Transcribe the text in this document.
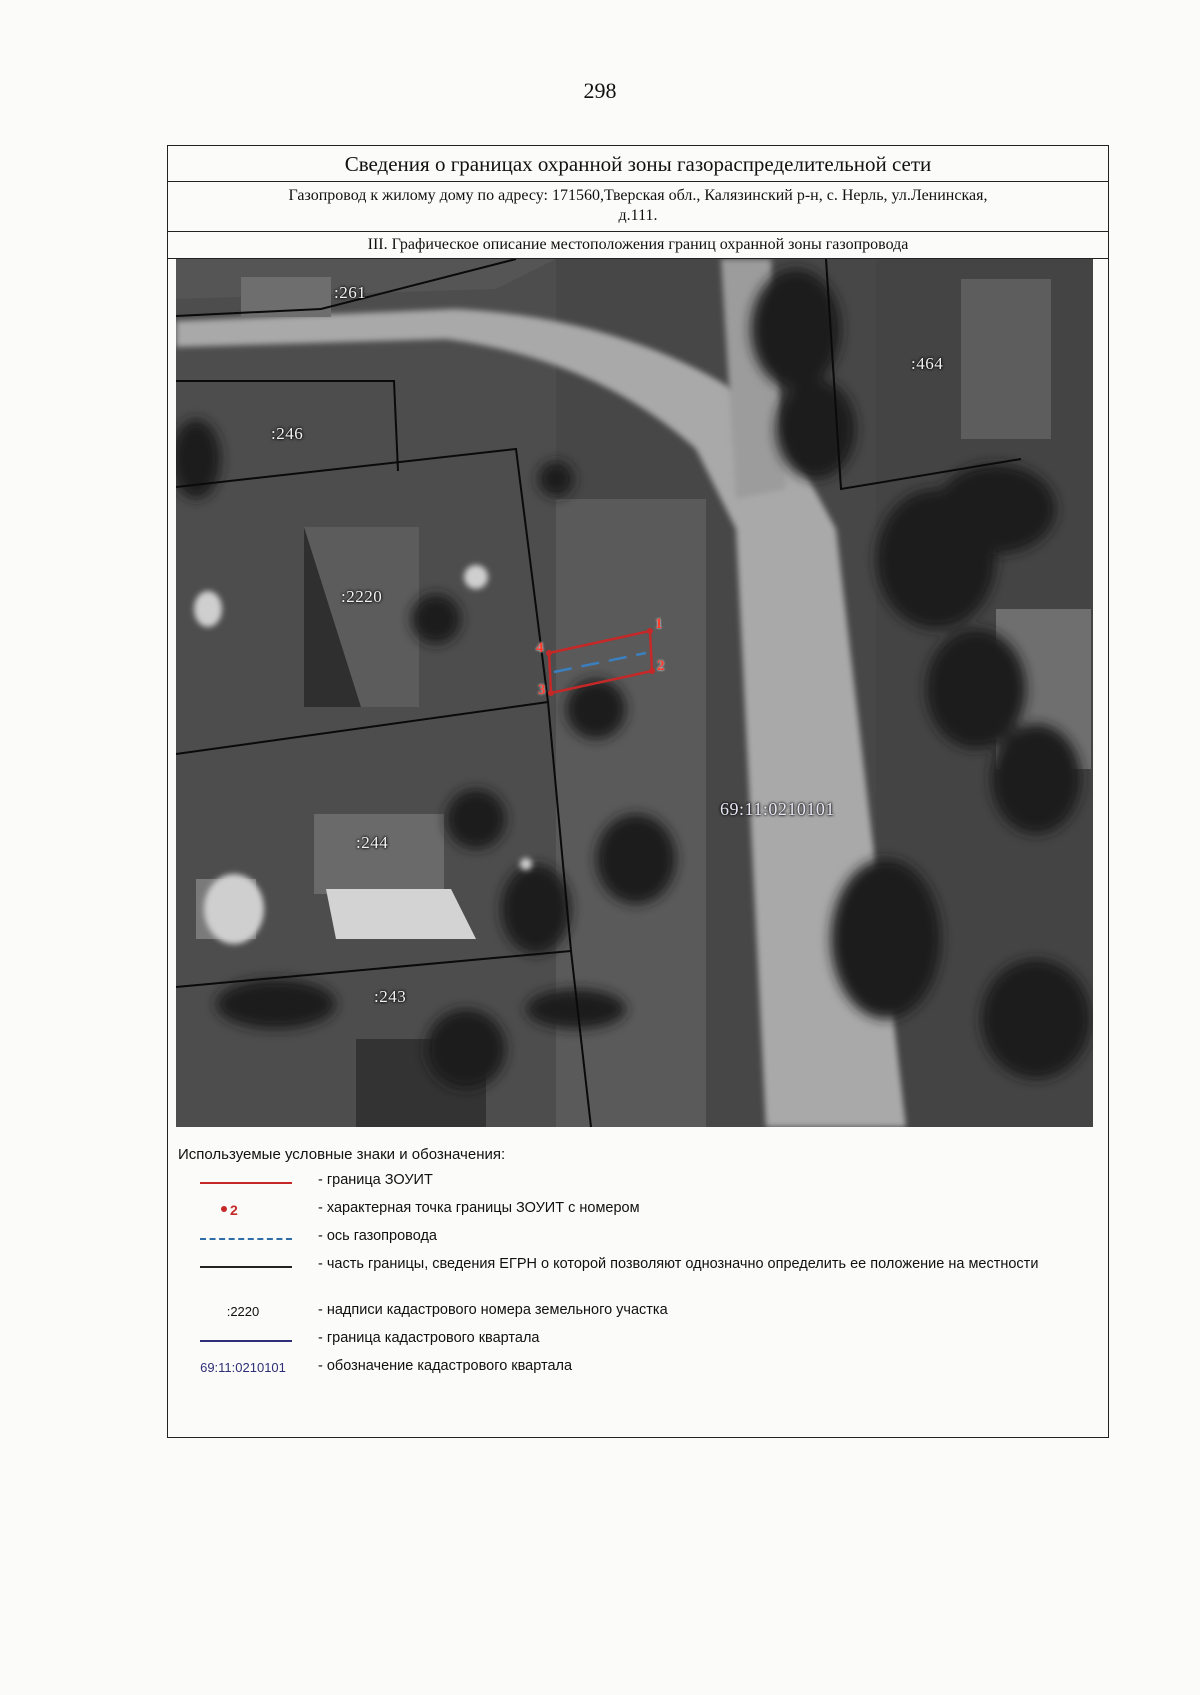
298
Сведения о границах охранной зоны газораспределительной сети
Газопровод к жилому дому по адресу: 171560,Тверская обл., Калязинский р-н, с. Нерль, ул.Ленинская,
д.111.
III. Графическое описание местоположения границ охранной зоны газопровода
:261
:464
:246
:2220
:244
:243
69:11:0210101
1
2
3
4
Используемые условные знаки и обозначения:
- граница ЗОУИТ
2	- характерная точка границы ЗОУИТ с номером
- ось газопровода
- часть границы, сведения ЕГРН о которой позволяют однозначно определить ее положение на местности
:2220	- надписи кадастрового номера земельного участка
- граница кадастрового квартала
69:11:0210101	- обозначение кадастрового квартала
